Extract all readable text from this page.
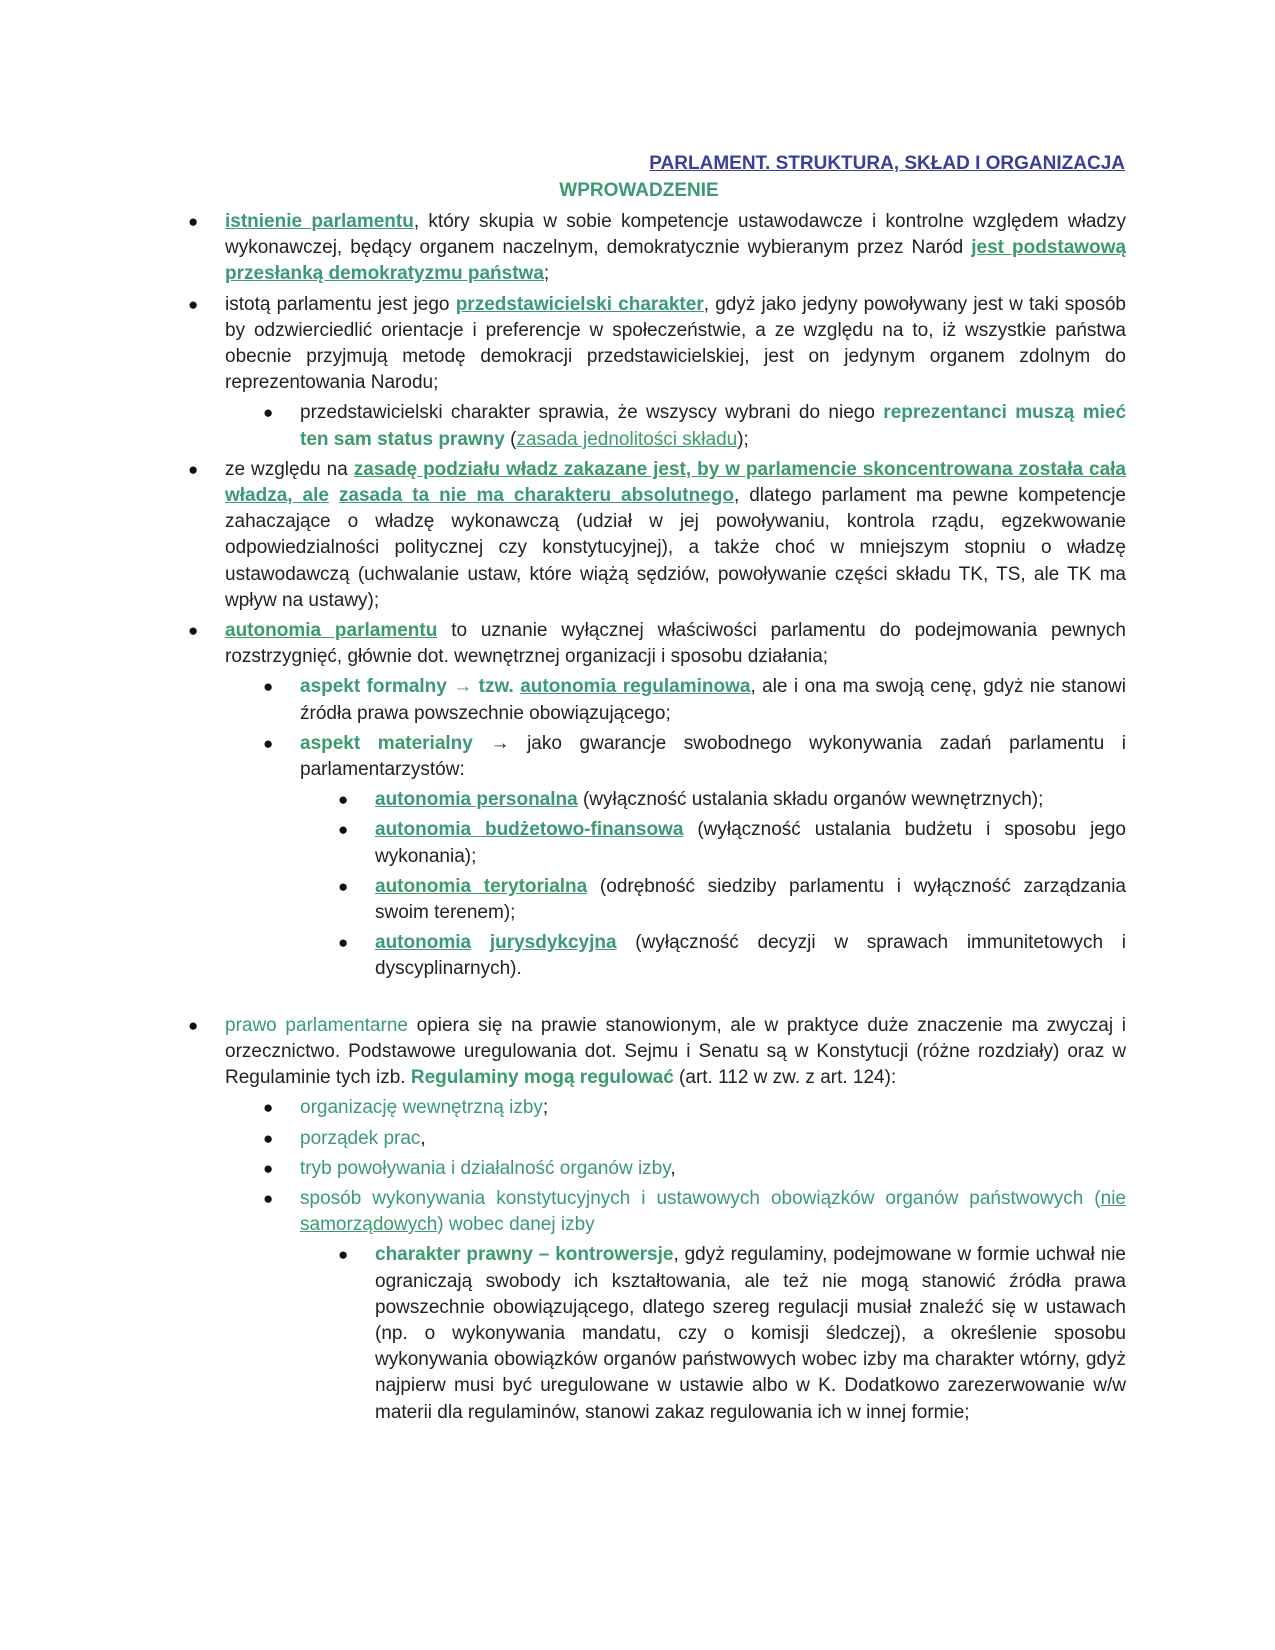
PARLAMENT. STRUKTURA, SKŁAD I ORGANIZACJA
WPROWADZENIE
● istnienie parlamentu, który skupia w sobie kompetencje ustawodawcze i kontrolne względem władzy wykonawczej, będący organem naczelnym, demokratycznie wybieranym przez Naród jest podstawową przesłanką demokratyzmu państwa;
● istotą parlamentu jest jego przedstawicielski charakter, gdyż jako jedyny powoływany jest w taki sposób by odzwierciedlić orientacje i preferencje w społeczeństwie, a ze względu na to, iż wszystkie państwa obecnie przyjmują metodę demokracji przedstawicielskiej, jest on jedynym organem zdolnym do reprezentowania Narodu;
● przedstawicielski charakter sprawia, że wszyscy wybrani do niego reprezentanci muszą mieć ten sam status prawny (zasada jednolitości składu);
● ze względu na zasadę podziału władz zakazane jest, by w parlamencie skoncentrowana została cała władza, ale zasada ta nie ma charakteru absolutnego, dlatego parlament ma pewne kompetencje zahaczające o władzę wykonawczą (udział w jej powoływaniu, kontrola rządu, egzekwowanie odpowiedzialności politycznej czy konstytucyjnej), a także choć w mniejszym stopniu o władzę ustawodawczą (uchwalanie ustaw, które wiążą sędziów, powoływanie części składu TK, TS, ale TK ma wpływ na ustawy);
● autonomia parlamentu to uznanie wyłącznej właściwości parlamentu do podejmowania pewnych rozstrzygnięć, głównie dot. wewnętrznej organizacji i sposobu działania;
● aspekt formalny → tzw. autonomia regulaminowa, ale i ona ma swoją cenę, gdyż nie stanowi źródła prawa powszechnie obowiązującego;
● aspekt materialny → jako gwarancje swobodnego wykonywania zadań parlamentu i parlamentarzystów:
● autonomia personalna (wyłączność ustalania składu organów wewnętrznych);
● autonomia budżetowo-finansowa (wyłączność ustalania budżetu i sposobu jego wykonania);
● autonomia terytorialna (odrębność siedziby parlamentu i wyłączność zarządzania swoim terenem);
● autonomia jurysdykcyjna (wyłączność decyzji w sprawach immunitetowych i dyscyplinarnych).
● prawo parlamentarne opiera się na prawie stanowionym, ale w praktyce duże znaczenie ma zwyczaj i orzecznictwo. Podstawowe uregulowania dot. Sejmu i Senatu są w Konstytucji (różne rozdziały) oraz w Regulaminie tych izb. Regulaminy mogą regulować (art. 112 w zw. z art. 124):
● organizację wewnętrzną izby;
● porządek prac,
● tryb powoływania i działalność organów izby,
● sposób wykonywania konstytucyjnych i ustawowych obowiązków organów państwowych (nie samorządowych) wobec danej izby
● charakter prawny – kontrowersje, gdyż regulaminy, podejmowane w formie uchwał nie ograniczają swobody ich kształtowania, ale też nie mogą stanowić źródła prawa powszechnie obowiązującego, dlatego szereg regulacji musiał znaleźć się w ustawach (np. o wykonywania mandatu, czy o komisji śledczej), a określenie sposobu wykonywania obowiązków organów państwowych wobec izby ma charakter wtórny, gdyż najpierw musi być uregulowane w ustawie albo w K. Dodatkowo zarezerwowanie w/w materii dla regulaminów, stanowi zakaz regulowania ich w innej formie;
